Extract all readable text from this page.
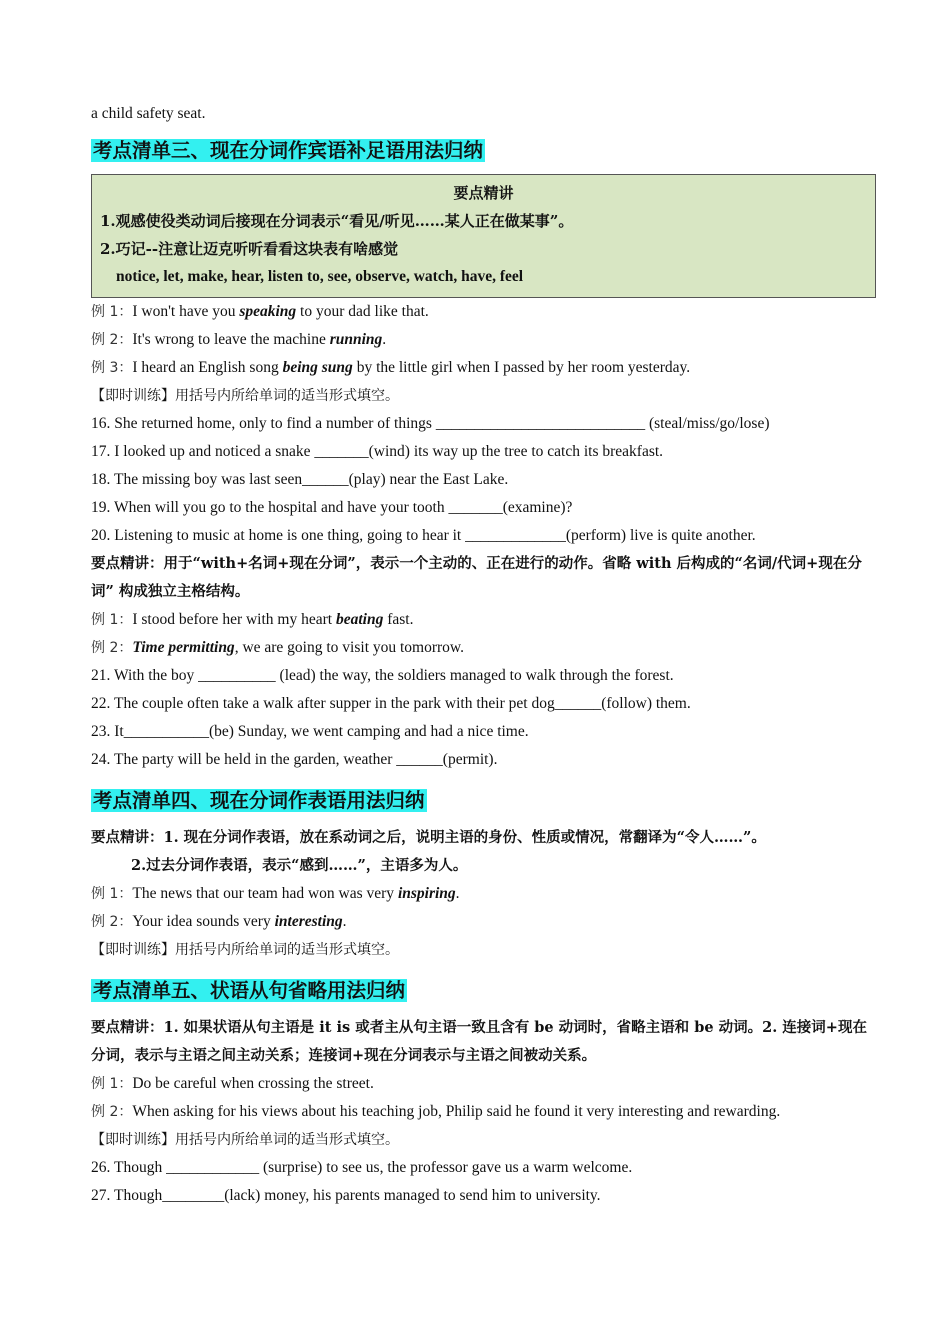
a child safety seat.
考点清单三、现在分词作宾语补足语用法归纳
要点精讲
1.观感使役类动词后接现在分词表示“看见/听见……某人正在做某事”。
2.巧记--注意让迈克听听看看这块表有啥感觉
notice, let, make, hear, listen to, see, observe, watch, have, feel
例 1：I won't have you speaking to your dad like that.
例 2：It's wrong to leave the machine running.
例 3：I heard an English song being sung by the little girl when I passed by her room yesterday.
【即时训练】用括号内所给单词的适当形式填空。
16. She returned home, only to find a number of things ___________________________ (steal/miss/go/lose)
17. I looked up and noticed a snake _______(wind) its way up the tree to catch its breakfast.
18. The missing boy was last seen______(play) near the East Lake.
19. When will you go to the hospital and have your tooth _______(examine)?
20. Listening to music at home is one thing, going to hear it _____________(perform) live is quite another.
要点精讲：用于“with+名词+现在分词”，表示一个主动的、正在进行的动作。省略 with 后构成的“名词/代词+现在分词” 构成独立主格结构。
例 1：I stood before her with my heart beating fast.
例 2：Time permitting, we are going to visit you tomorrow.
21. With the boy __________ (lead) the way, the soldiers managed to walk through the forest.
22. The couple often take a walk after supper in the park with their pet dog______(follow) them.
23. It___________(be) Sunday, we went camping and had a nice time.
24. The party will be held in the garden, weather ______(permit).
考点清单四、现在分词作表语用法归纳
要点精讲：1. 现在分词作表语，放在系动词之后，说明主语的身份、性质或情况，常翻译为“令人……”。
2.过去分词作表语，表示“感到……”，主语多为人。
例 1：The news that our team had won was very inspiring.
例 2：Your idea sounds very interesting.
【即时训练】用括号内所给单词的适当形式填空。
考点清单五、状语从句省略用法归纳
要点精讲：1. 如果状语从句主语是 it is 或者主从句主语一致且含有 be 动词时，省略主语和 be 动词。2. 连接词+现在分词，表示与主语之间主动关系；连接词+现在分词表示与主语之间被动关系。
例 1：Do be careful when crossing the street.
例 2：When asking for his views about his teaching job, Philip said he found it very interesting and rewarding.
【即时训练】用括号内所给单词的适当形式填空。
26. Though ____________ (surprise) to see us, the professor gave us a warm welcome.
27. Though________(lack) money, his parents managed to send him to university.
